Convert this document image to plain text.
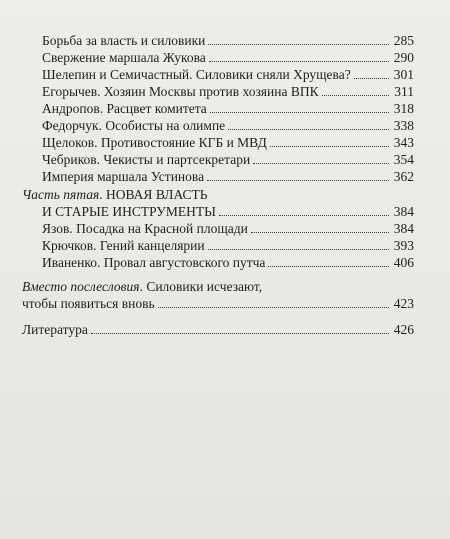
Борьба за власть и силовики	285
Свержение маршала Жукова	290
Шелепин и Семичастный. Силовики сняли Хрущева?	301
Егорычев. Хозяин Москвы против хозяина ВПК	311
Андропов. Расцвет комитета	318
Федорчук. Особисты на олимпе	338
Щелоков. Противостояние КГБ и МВД	343
Чебриков. Чекисты и партсекретари	354
Империя маршала Устинова	362
Часть пятая. НОВАЯ ВЛАСТЬ
И СТАРЫЕ ИНСТРУМЕНТЫ	384
Язов. Посадка на Красной площади	384
Крючков. Гений канцелярии	393
Иваненко. Провал августовского путча	406
Вместо послесловия. Силовики исчезают,
чтобы появиться вновь	423
Литература	426
